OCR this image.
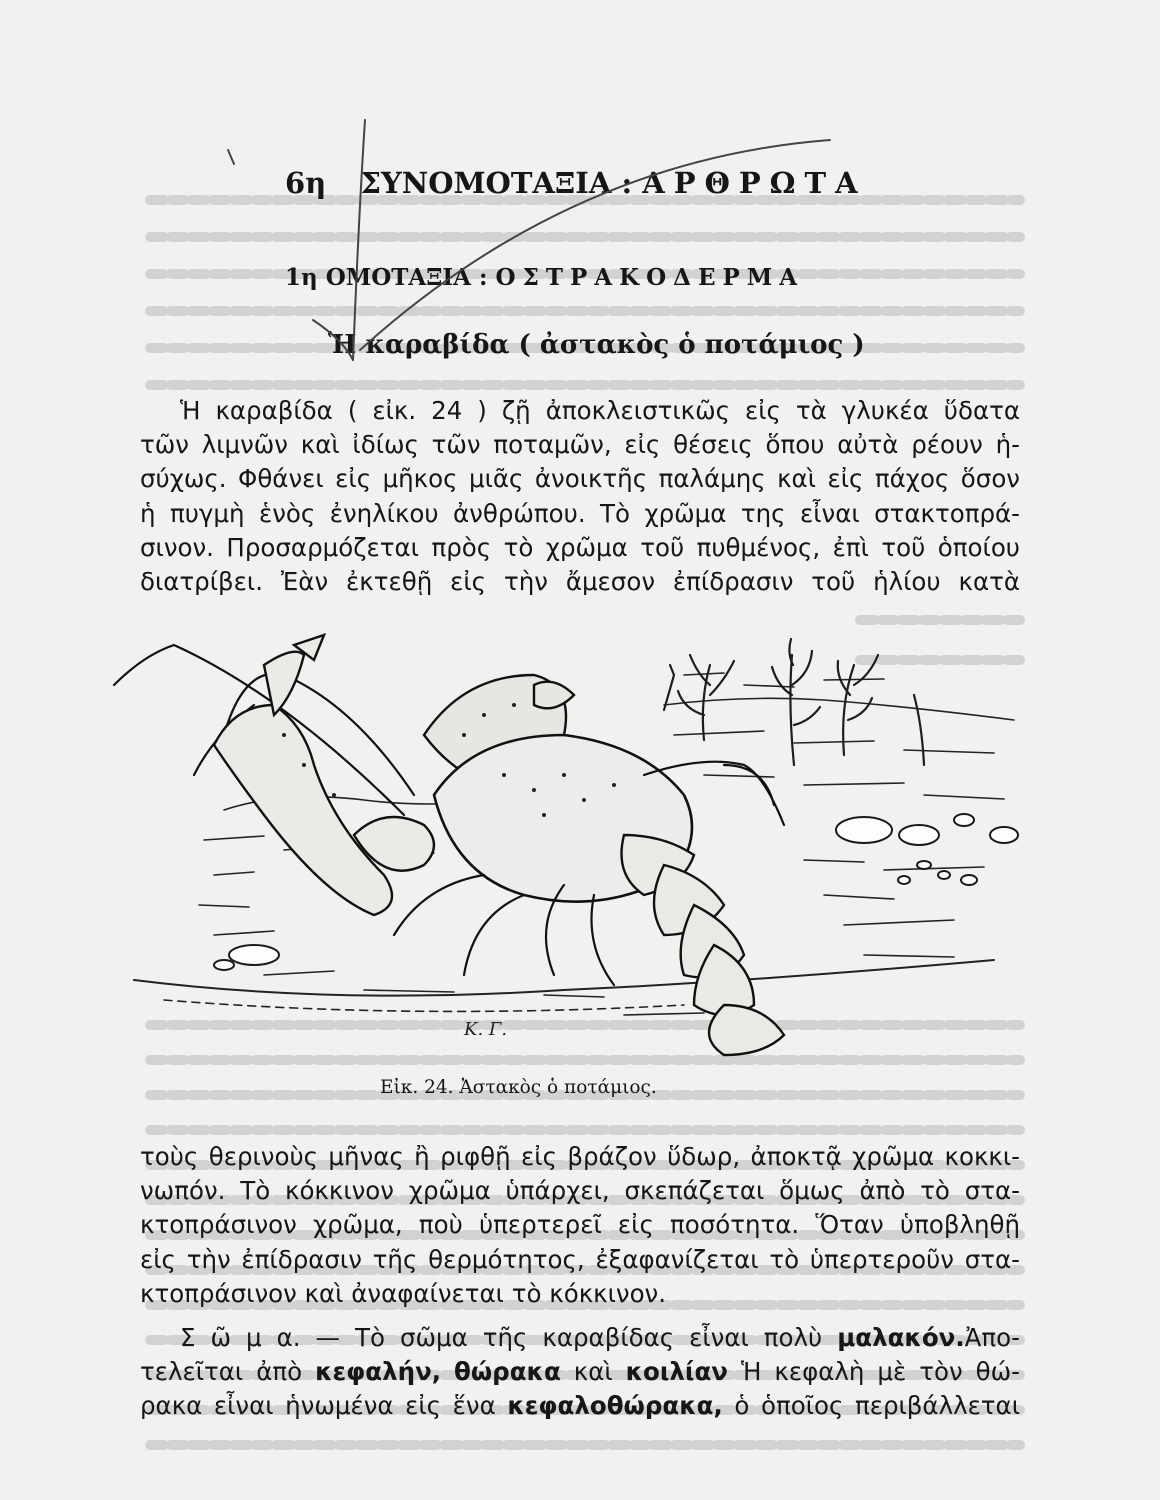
6η ΣΥΝΟΜΟΤΑΞΙΑ : ΑΡΘΡΩΤΑ
1η ΟΜΟΤΑΞΙΑ : ΟΣΤΡΑΚΟΔΕΡΜΑ
Ἡ καραβίδα ( ἀστακὸς ὁ ποτάμιος )
Ἡ καραβίδα ( εἰκ. 24 ) ζῇ ἀποκλειστικῶς εἰς τὰ γλυκέα ὕδατα
τῶν λιμνῶν καὶ ἰδίως τῶν ποταμῶν, εἰς θέσεις ὅπου αὐτὰ ρέουν ἡ-
σύχως. Φθάνει εἰς μῆκος μιᾶς ἀνοικτῆς παλάμης καὶ εἰς πάχος ὅσον
ἡ πυγμὴ ἑνὸς ἐνηλίκου ἀνθρώπου. Τὸ χρῶμα της εἶναι στακτοπρά-
σινον. Προσαρμόζεται πρὸς τὸ χρῶμα τοῦ πυθμένος, ἐπὶ τοῦ ὁποίου
διατρίβει. Ἐὰν ἐκτεθῇ εἰς τὴν ἄμεσον ἐπίδρασιν τοῦ ἡλίου κατὰ
Κ. Γ.
Εἰκ. 24. Ἀστακὸς ὁ ποτάμιος.
τοὺς θερινοὺς μῆνας ἢ ριφθῇ εἰς βράζον ὕδωρ, ἀποκτᾷ χρῶμα κοκκι-
νωπόν. Τὸ κόκκινον χρῶμα ὑπάρχει, σκεπάζεται ὅμως ἀπὸ τὸ στα-
κτοπράσινον χρῶμα, ποὺ ὑπερτερεῖ εἰς ποσότητα. Ὅταν ὑποβληθῇ
εἰς τὴν ἐπίδρασιν τῆς θερμότητος, ἐξαφανίζεται τὸ ὑπερτεροῦν στα-
κτοπράσινον καὶ ἀναφαίνεται τὸ κόκκινον.
Σ ῶ μ α. — Τὸ σῶμα τῆς καραβίδας εἶναι πολὺ μαλακόν.Ἀπο-
τελεῖται ἀπὸ κεφαλήν, θώρακα καὶ κοιλίαν Ἡ κεφαλὴ μὲ τὸν θώ-
ρακα εἶναι ἡνωμένα εἰς ἕνα κεφαλοθώρακα, ὁ ὁποῖος περιβάλλεται
